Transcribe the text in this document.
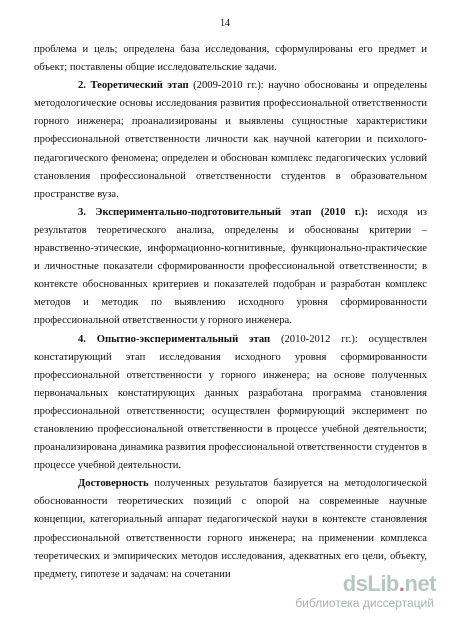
14

проблема и цель; определена база исследования, сформулированы его предмет и объект; поставлены общие исследовательские задачи.

2. Теоретический этап (2009-2010 гг.): научно обоснованы и определены методологические основы исследования развития профессиональной ответственности горного инженера; проанализированы и выявлены сущностные характеристики профессиональной ответственности личности как научной категории и психолого-педагогического феномена; определен и обоснован комплекс педагогических условий становления профессиональной ответственности студентов в образовательном пространстве вуза.

3. Экспериментально-подготовительный этап (2010 г.): исходя из результатов теоретического анализа, определены и обоснованы критерии – нравственно-этические, информационно-когнитивные, функционально-практические и личностные показатели сформированности профессиональной ответственности; в контексте обоснованных критериев и показателей подобран и разработан комплекс методов и методик по выявлению исходного уровня сформированности профессиональной ответственности у горного инженера.

4. Опытно-экспериментальный этап (2010-2012 гг.): осуществлен констатирующий этап исследования исходного уровня сформированности профессиональной ответственности у горного инженера; на основе полученных первоначальных констатирующих данных разработана программа становления профессиональной ответственности; осуществлен формирующий эксперимент по становлению профессиональной ответственности в процессе учебной деятельности; проанализирована динамика развития профессиональной ответственности студентов в процессе учебной деятельности.

Достоверность полученных результатов базируется на методологической обоснованности теоретических позиций с опорой на современные научные концепции, категориальный аппарат педагогической науки в контексте становления профессиональной ответственности горного инженера; на применении комплекса теоретических и эмпирических методов исследования, адекватных его цели, объекту, предмету, гипотезе и задачам: на сочетании	dsLib.net
библиотека диссертаций
